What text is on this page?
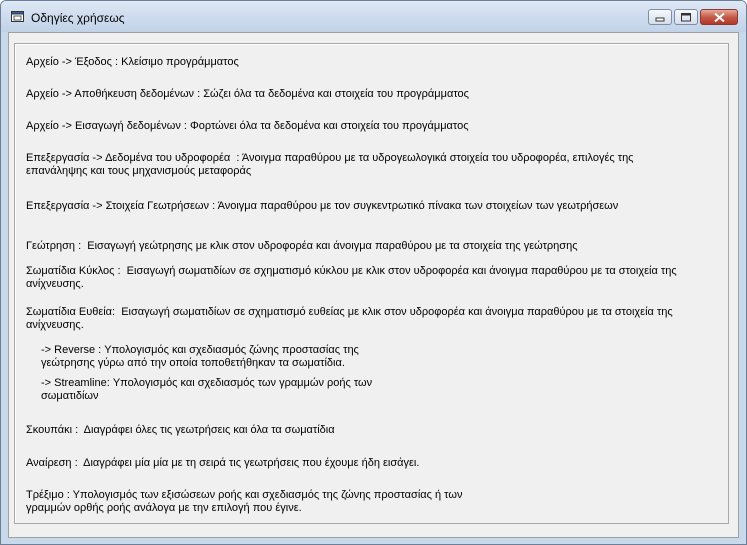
Οδηγίες χρήσεως

Αρχείο -> Έξοδος : Κλείσιμο προγράμματος

Αρχείο -> Αποθήκευση δεδομένων : Σώζει όλα τα δεδομένα και στοιχεία του προγράμματος

Αρχείο -> Εισαγωγή δεδομένων : Φορτώνει όλα τα δεδομένα και στοιχεία του προγάμματος

Επεξεργασία -> Δεδομένα του υδροφορέα  : Άνοιγμα παραθύρου με τα υδρογεωλογικά στοιχεία του υδροφορέα, επιλογές της

επανάληψης και τους μηχανισμούς μεταφοράς

Επεξεργασία -> Στοιχεία Γεωτρήσεων : Άνοιγμα παραθύρου με τον συγκεντρωτικό πίνακα των στοιχείων των γεωτρήσεων

Γεώτρηση :  Εισαγωγή γεώτρησης με κλικ στον υδροφορέα και άνοιγμα παραθύρου με τα στοιχεία της γεώτρησης

Σωματίδια Κύκλος :  Εισαγωγή σωματιδίων σε σχηματισμό κύκλου με κλικ στον υδροφορέα και άνοιγμα παραθύρου με τα στοιχεία της

ανίχνευσης.

Σωματίδια Ευθεία:  Εισαγωγή σωματιδίων σε σχηματισμό ευθείας με κλικ στον υδροφορέα και άνοιγμα παραθύρου με τα στοιχεία της

ανίχνευσης.

-> Reverse : Υπολογισμός και σχεδιασμός ζώνης προστασίας της

γεώτρησης γύρω από την οποία τοποθετήθηκαν τα σωματίδια.

-> Streamline: Υπολογισμός και σχεδιασμός των γραμμών ροής των

σωματιδίων

Σκουπάκι :  Διαγράφει όλες τις γεωτρήσεις και όλα τα σωματίδια

Αναίρεση :  Διαγράφει μία μία με τη σειρά τις γεωτρήσεις που έχουμε ήδη εισάγει.

Τρέξιμο : Υπολογισμός των εξισώσεων ροής και σχεδιασμός της ζώνης προστασίας ή των

γραμμών ορθής ροής ανάλογα με την επιλογή που έγινε.
